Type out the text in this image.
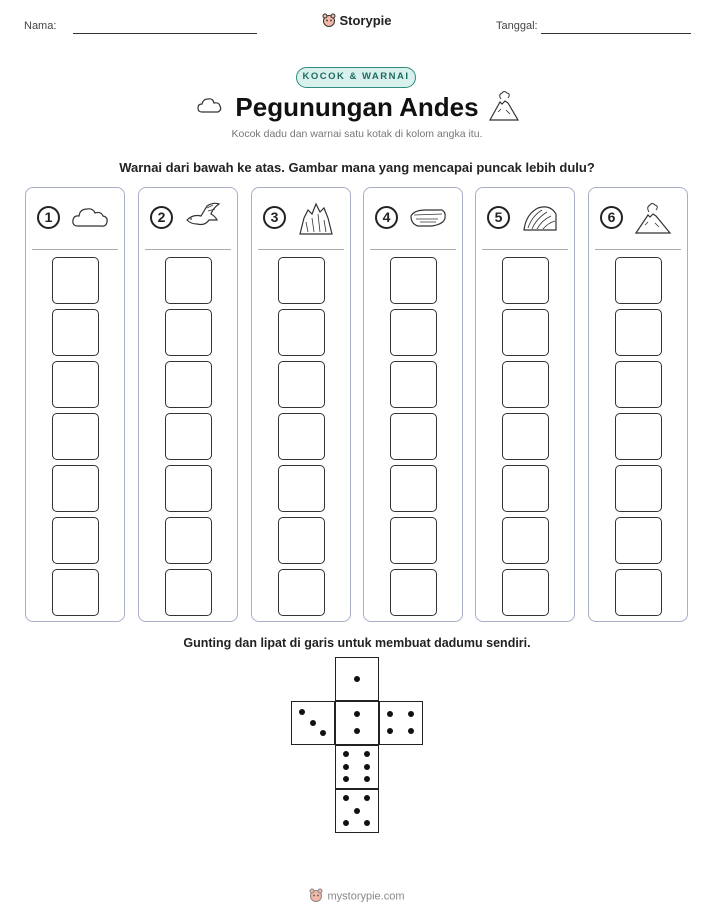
Nama:	Storypie	Tanggal:
KOCOK & WARNAI
Pegunungan Andes
Kocok dadu dan warnai satu kotak di kolom angka itu.
Warnai dari bawah ke atas. Gambar mana yang mencapai puncak lebih dulu?
1	2	3	4	5	6
Gunting dan lipat di garis untuk membuat dadumu sendiri.
mystorypie.com
